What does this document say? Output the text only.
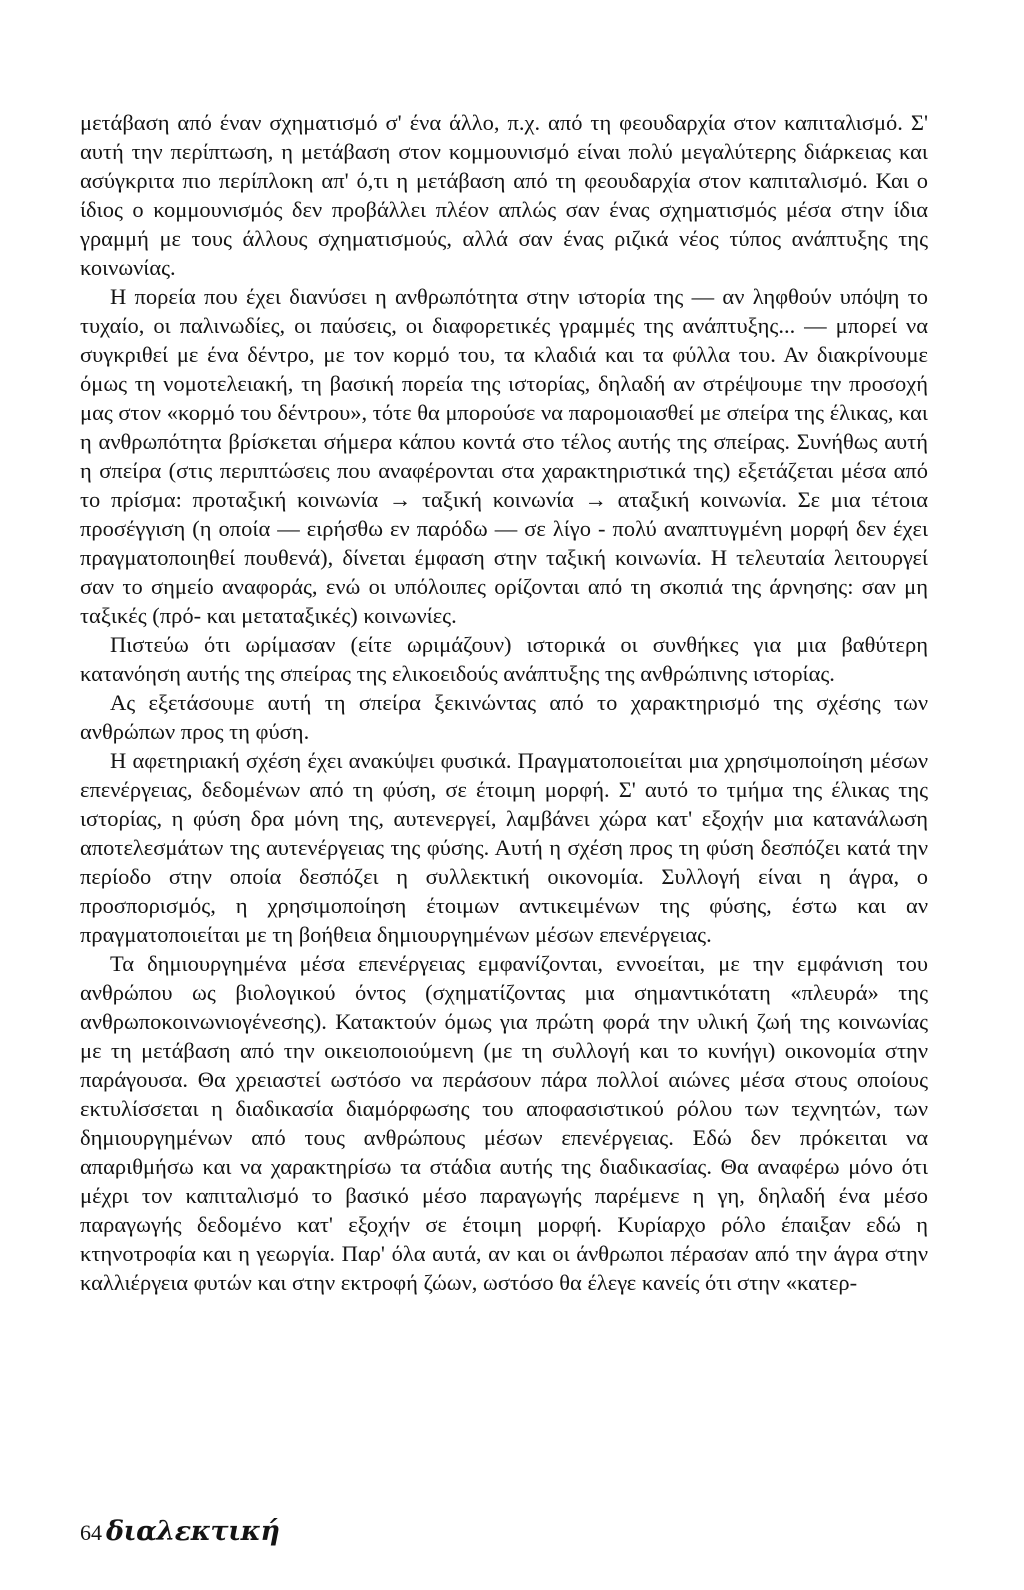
μετάβαση από έναν σχηματισμό σ' ένα άλλο, π.χ. από τη φεουδαρχία στον καπιταλισμό. Σ' αυτή την περίπτωση, η μετάβαση στον κομμουνισμό είναι πολύ μεγαλύτερης διάρκειας και ασύγκριτα πιο περίπλοκη απ' ό,τι η μετάβαση από τη φεουδαρχία στον καπιταλισμό. Και ο ίδιος ο κομμουνισμός δεν προβάλλει πλέον απλώς σαν ένας σχηματισμός μέσα στην ίδια γραμμή με τους άλλους σχηματισμούς, αλλά σαν ένας ριζικά νέος τύπος ανάπτυξης της κοινωνίας.

Η πορεία που έχει διανύσει η ανθρωπότητα στην ιστορία της — αν ληφθούν υπόψη το τυχαίο, οι παλινωδίες, οι παύσεις, οι διαφορετικές γραμμές της ανάπτυξης... — μπορεί να συγκριθεί με ένα δέντρο, με τον κορμό του, τα κλαδιά και τα φύλλα του. Αν διακρίνουμε όμως τη νομοτελειακή, τη βασική πορεία της ιστορίας, δηλαδή αν στρέψουμε την προσοχή μας στον «κορμό του δέντρου», τότε θα μπορούσε να παρομοιασθεί με σπείρα της έλικας, και η ανθρωπότητα βρίσκεται σήμερα κάπου κοντά στο τέλος αυτής της σπείρας. Συνήθως αυτή η σπείρα (στις περιπτώσεις που αναφέρονται στα χαρακτηριστικά της) εξετάζεται μέσα από το πρίσμα: προταξική κοινωνία → ταξική κοινωνία → αταξική κοινωνία. Σε μια τέτοια προσέγγιση (η οποία — ειρήσθω εν παρόδω — σε λίγο - πολύ αναπτυγμένη μορφή δεν έχει πραγματοποιηθεί πουθενά), δίνεται έμφαση στην ταξική κοινωνία. Η τελευταία λειτουργεί σαν το σημείο αναφοράς, ενώ οι υπόλοιπες ορίζονται από τη σκοπιά της άρνησης: σαν μη ταξικές (πρό- και μεταταξικές) κοινωνίες.

Πιστεύω ότι ωρίμασαν (είτε ωριμάζουν) ιστορικά οι συνθήκες για μια βαθύτερη κατανόηση αυτής της σπείρας της ελικοειδούς ανάπτυξης της ανθρώπινης ιστορίας.

Ας εξετάσουμε αυτή τη σπείρα ξεκινώντας από το χαρακτηρισμό της σχέσης των ανθρώπων προς τη φύση.

Η αφετηριακή σχέση έχει ανακύψει φυσικά. Πραγματοποιείται μια χρησιμοποίηση μέσων επενέργειας, δεδομένων από τη φύση, σε έτοιμη μορφή. Σ' αυτό το τμήμα της έλικας της ιστορίας, η φύση δρα μόνη της, αυτενεργεί, λαμβάνει χώρα κατ' εξοχήν μια κατανάλωση αποτελεσμάτων της αυτενέργειας της φύσης. Αυτή η σχέση προς τη φύση δεσπόζει κατά την περίοδο στην οποία δεσπόζει η συλλεκτική οικονομία. Συλλογή είναι η άγρα, ο προσπορισμός, η χρησιμοποίηση έτοιμων αντικειμένων της φύσης, έστω και αν πραγματοποιείται με τη βοήθεια δημιουργημένων μέσων επενέργειας.

Τα δημιουργημένα μέσα επενέργειας εμφανίζονται, εννοείται, με την εμφάνιση του ανθρώπου ως βιολογικού όντος (σχηματίζοντας μια σημαντικότατη «πλευρά» της ανθρωποκοινωνιογένεσης). Κατακτούν όμως για πρώτη φορά την υλική ζωή της κοινωνίας με τη μετάβαση από την οικειοποιούμενη (με τη συλλογή και το κυνήγι) οικονομία στην παράγουσα. Θα χρειαστεί ωστόσο να περάσουν πάρα πολλοί αιώνες μέσα στους οποίους εκτυλίσσεται η διαδικασία διαμόρφωσης του αποφασιστικού ρόλου των τεχνητών, των δημιουργημένων από τους ανθρώπους μέσων επενέργειας. Εδώ δεν πρόκειται να απαριθμήσω και να χαρακτηρίσω τα στάδια αυτής της διαδικασίας. Θα αναφέρω μόνο ότι μέχρι τον καπιταλισμό το βασικό μέσο παραγωγής παρέμενε η γη, δηλαδή ένα μέσο παραγωγής δεδομένο κατ' εξοχήν σε έτοιμη μορφή. Κυρίαρχο ρόλο έπαιξαν εδώ η κτηνοτροφία και η γεωργία. Παρ' όλα αυτά, αν και οι άνθρωποι πέρασαν από την άγρα στην καλλιέργεια φυτών και στην εκτροφή ζώων, ωστόσο θα έλεγε κανείς ότι στην «κατερ-

64 διαλεκτική
